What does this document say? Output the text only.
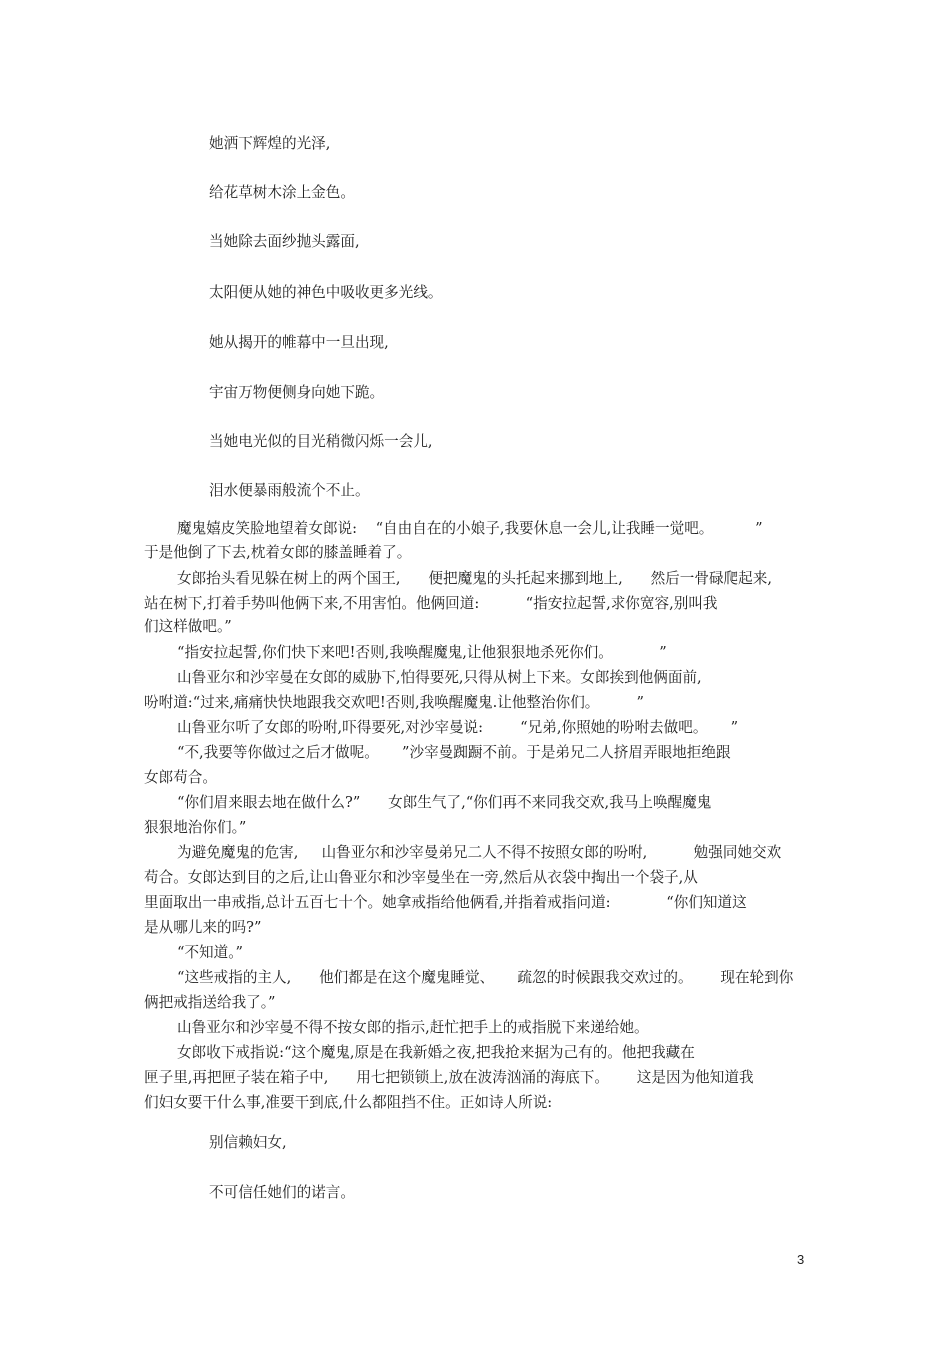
她洒下辉煌的光泽,

给花草树木涂上金色。

当她除去面纱抛头露面,

太阳便从她的神色中吸收更多光线。

她从揭开的帷幕中一旦出现,

宇宙万物便侧身向她下跪。

当她电光似的目光稍微闪烁一会儿,

泪水便暴雨般流个不止。

魔鬼嬉皮笑脸地望着女郎说:    “自由自在的小娘子,我要休息一会儿,让我睡一觉吧。         ”

于是他倒了下去,枕着女郎的膝盖睡着了。

女郎抬头看见躲在树上的两个国王,      便把魔鬼的头托起来挪到地上,      然后一骨碌爬起来,

站在树下,打着手势叫他俩下来,不用害怕。他俩回道:          “指安拉起誓,求你宽容,别叫我

们这样做吧。”

“指安拉起誓,你们快下来吧!否则,我唤醒魔鬼,让他狠狠地杀死你们。          ”

山鲁亚尔和沙宰曼在女郎的威胁下,怕得要死,只得从树上下来。女郎挨到他俩面前,

吩咐道:“过来,痛痛快快地跟我交欢吧!否则,我唤醒魔鬼.让他整治你们。        ”

山鲁亚尔听了女郎的吩咐,吓得要死,对沙宰曼说:        “兄弟,你照她的吩咐去做吧。     ”

“不,我要等你做过之后才做呢。     ”沙宰曼踟蹰不前。于是弟兄二人挤眉弄眼地拒绝跟

女郎苟合。

“你们眉来眼去地在做什么?”      女郎生气了,“你们再不来同我交欢,我马上唤醒魔鬼

狠狠地治你们。”

为避免魔鬼的危害,     山鲁亚尔和沙宰曼弟兄二人不得不按照女郎的吩咐,          勉强同她交欢

苟合。女郎达到目的之后,让山鲁亚尔和沙宰曼坐在一旁,然后从衣袋中掏出一个袋子,从

里面取出一串戒指,总计五百七十个。她拿戒指给他俩看,并指着戒指问道:            “你们知道这

是从哪儿来的吗?”

“不知道。”

“这些戒指的主人,      他们都是在这个魔鬼睡觉、     疏忽的时候跟我交欢过的。      现在轮到你

俩把戒指送给我了。”

山鲁亚尔和沙宰曼不得不按女郎的指示,赶忙把手上的戒指脱下来递给她。

女郎收下戒指说:“这个魔鬼,原是在我新婚之夜,把我抢来据为己有的。他把我藏在

匣子里,再把匣子装在箱子中,      用七把锁锁上,放在波涛汹涌的海底下。      这是因为他知道我

们妇女要干什么事,准要干到底,什么都阻挡不住。正如诗人所说:

别信赖妇女,

不可信任她们的诺言。

3
